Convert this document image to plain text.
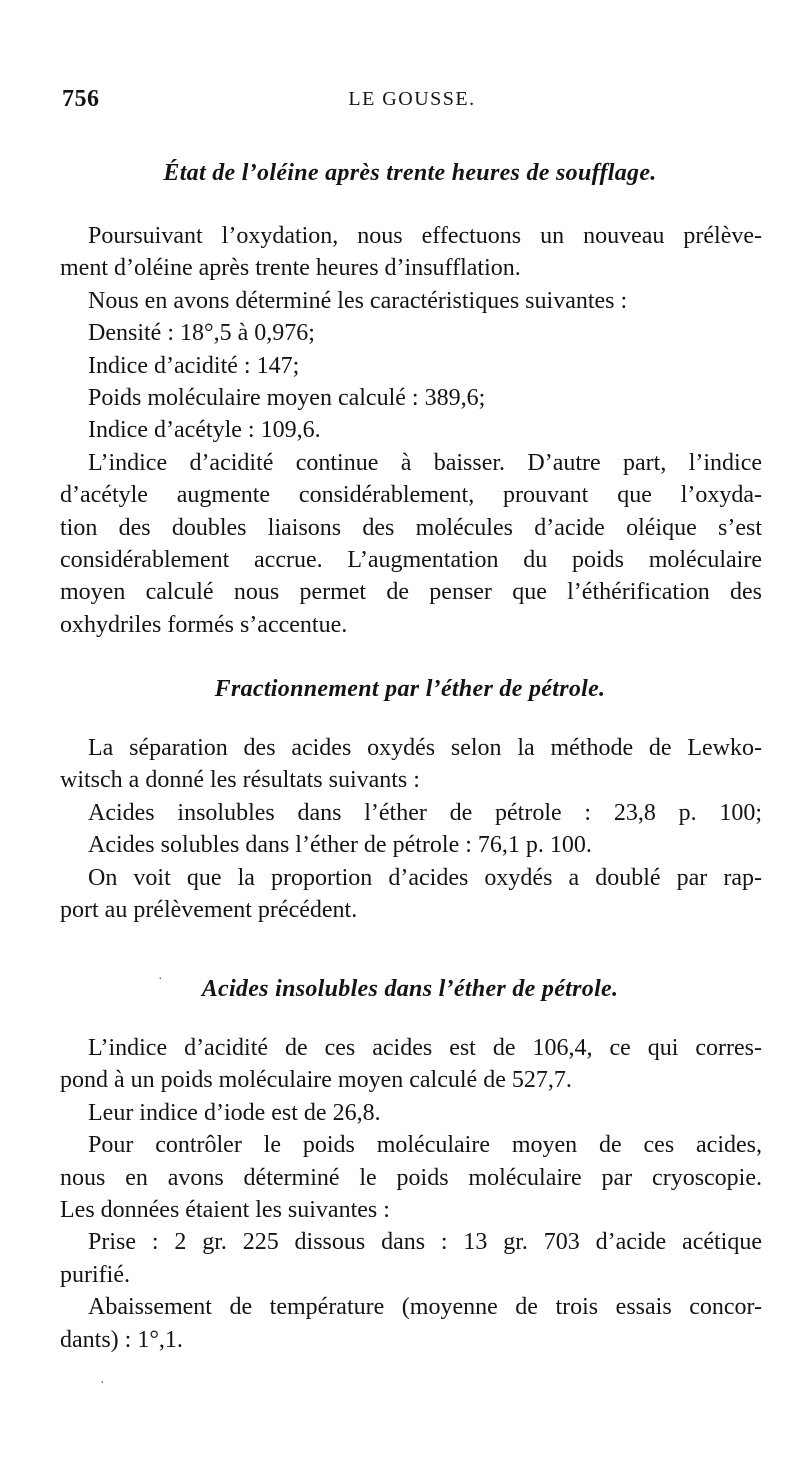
756	LE GOUSSE.
État de l’oléine après trente heures de soufflage.
Poursuivant l’oxydation, nous effectuons un nouveau prélève-
ment d’oléine après trente heures d’insufflation.
Nous en avons déterminé les caractéristiques suivantes :
Densité : 18°,5 à 0,976;
Indice d’acidité : 147;
Poids moléculaire moyen calculé : 389,6;
Indice d’acétyle : 109,6.
L’indice d’acidité continue à baisser. D’autre part, l’indice
d’acétyle augmente considérablement, prouvant que l’oxyda-
tion des doubles liaisons des molécules d’acide oléique s’est
considérablement accrue. L’augmentation du poids moléculaire
moyen calculé nous permet de penser que l’éthérification des
oxhydriles formés s’accentue.
Fractionnement par l’éther de pétrole.
La séparation des acides oxydés selon la méthode de Lewko-
witsch a donné les résultats suivants :
Acides insolubles dans l’éther de pétrole : 23,8 p. 100;
Acides solubles dans l’éther de pétrole : 76,1 p. 100.
On voit que la proportion d’acides oxydés a doublé par rap-
port au prélèvement précédent.
·	Acides insolubles dans l’éther de pétrole.
L’indice d’acidité de ces acides est de 106,4, ce qui corres-
pond à un poids moléculaire moyen calculé de 527,7.
Leur indice d’iode est de 26,8.
Pour contrôler le poids moléculaire moyen de ces acides,
nous en avons déterminé le poids moléculaire par cryoscopie.
Les données étaient les suivantes :
Prise : 2 gr. 225 dissous dans : 13 gr. 703 d’acide acétique
purifié.
Abaissement de température (moyenne de trois essais concor-
dants) : 1°,1.
·
